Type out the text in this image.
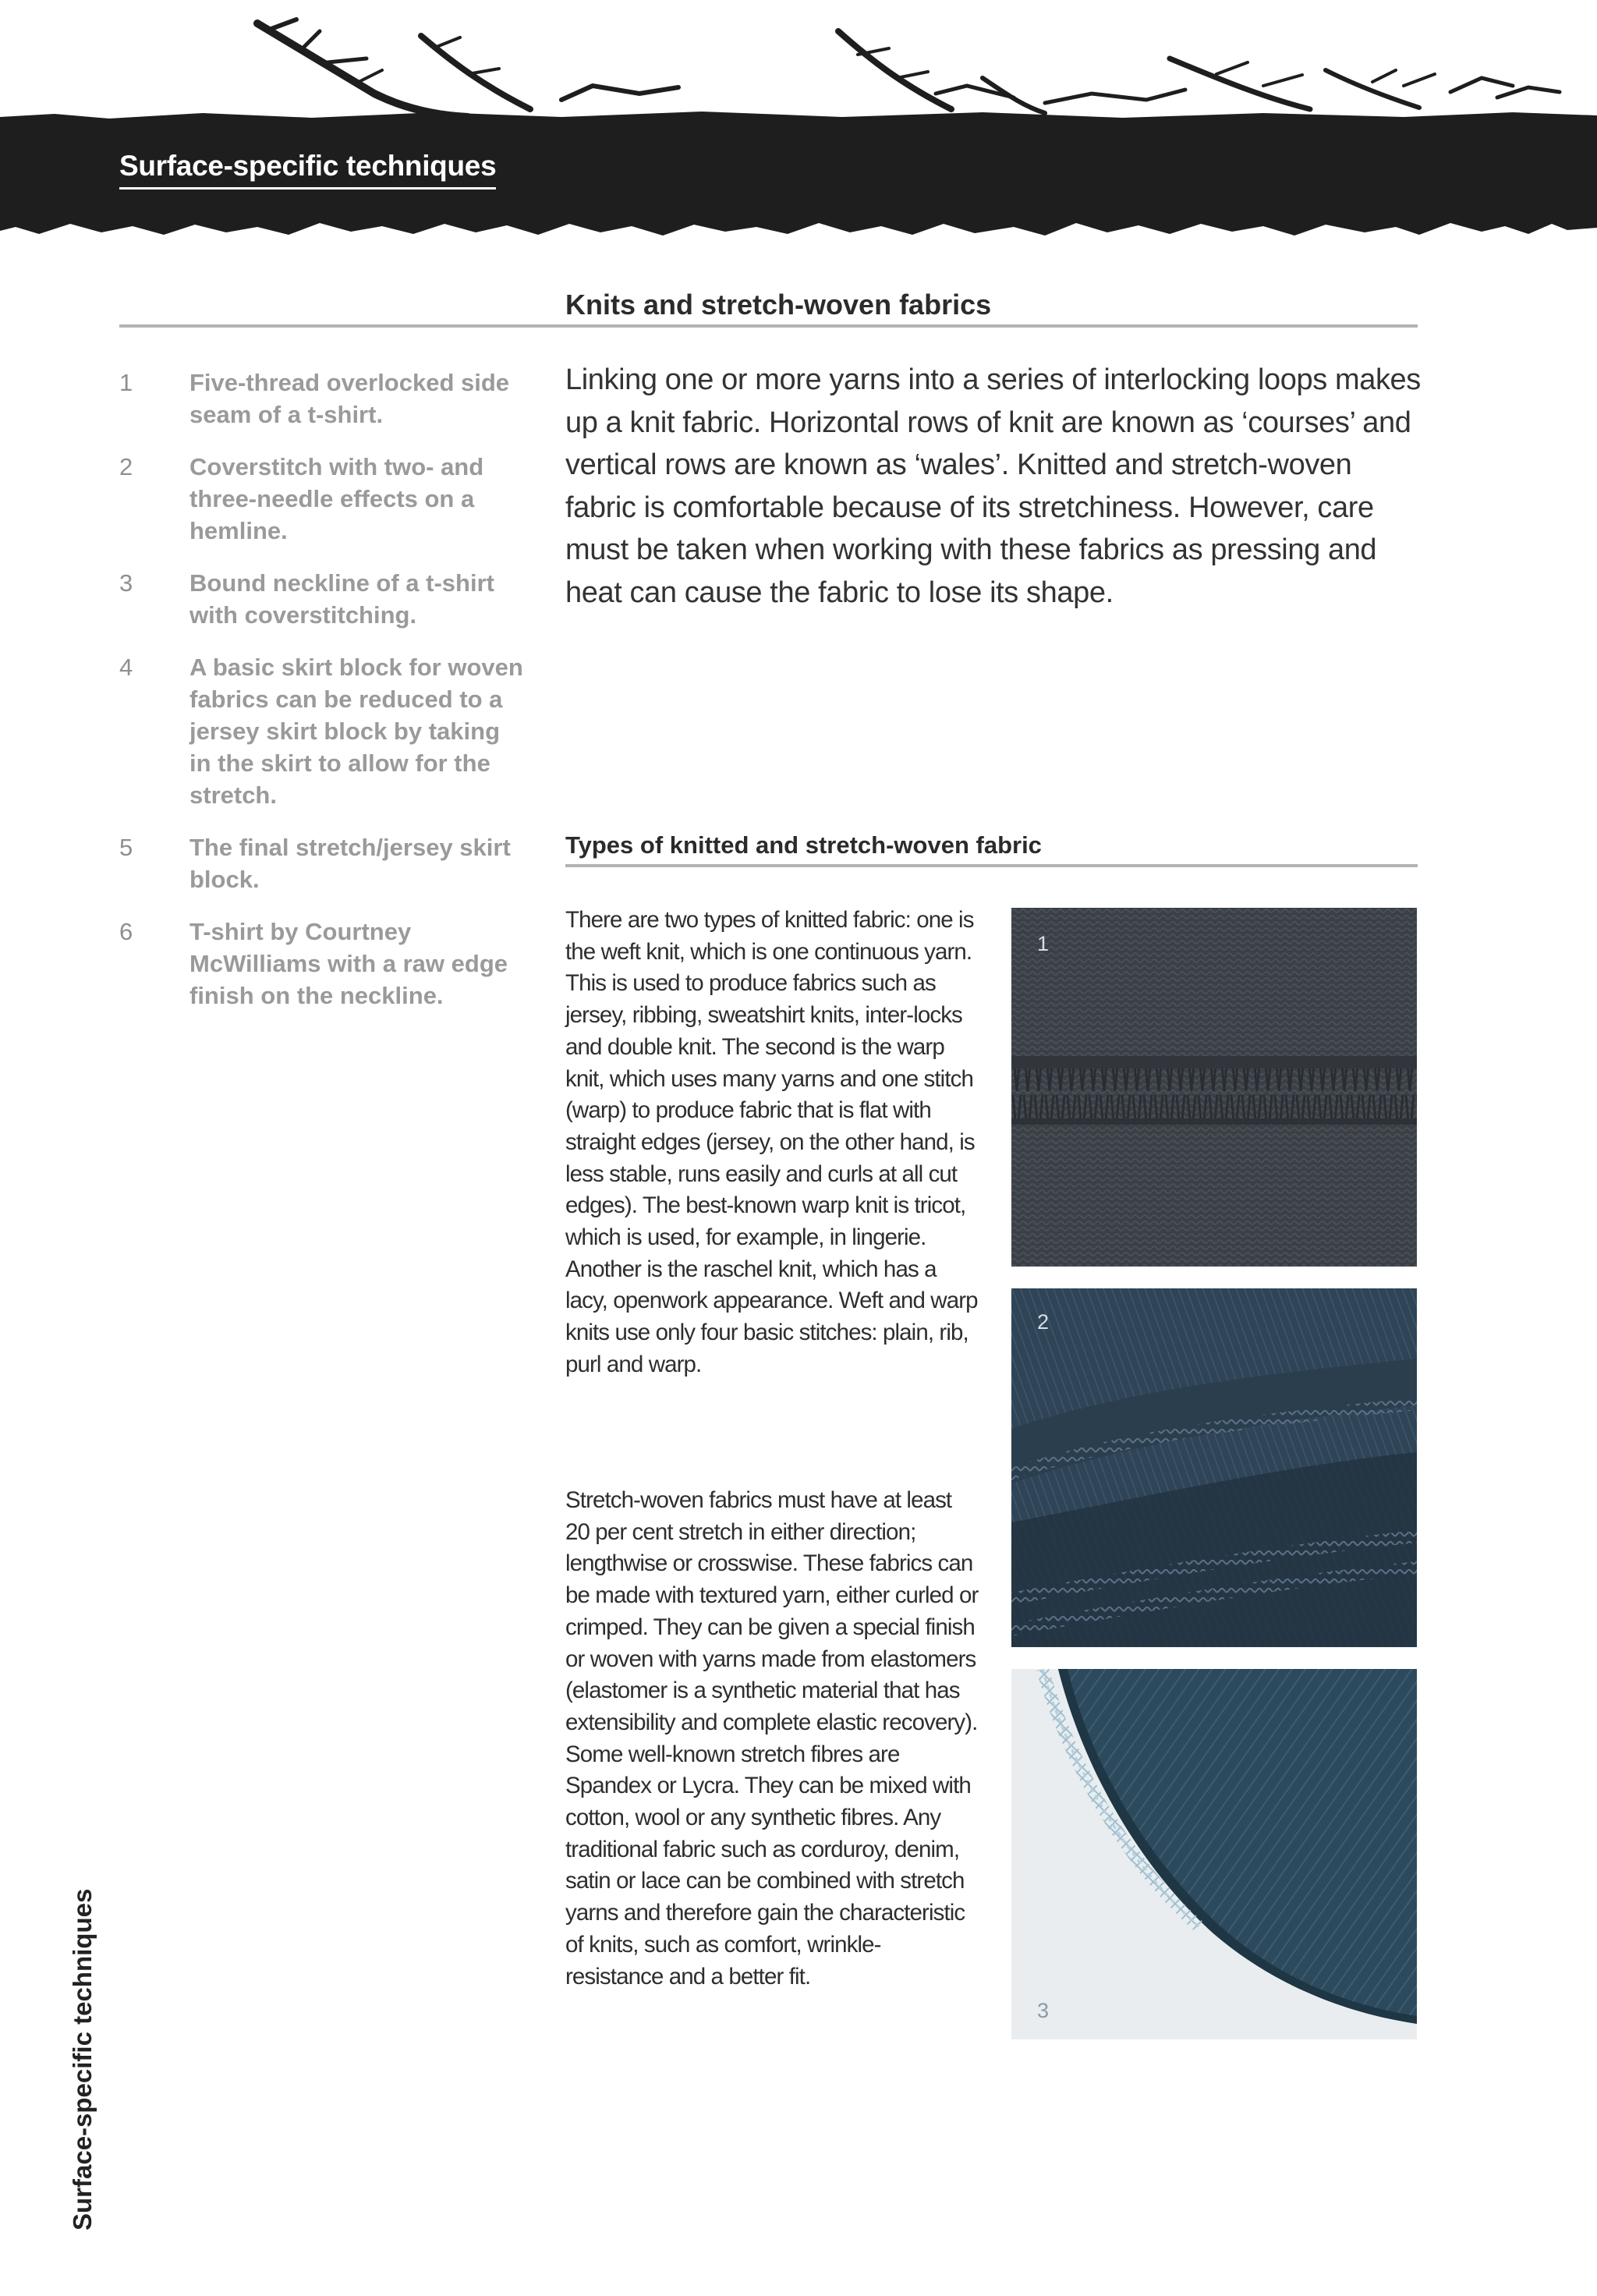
Surface-specific techniques
Knits and stretch-woven fabrics
1	Five-thread overlocked side seam of a t-shirt.
2	Coverstitch with two- and three-needle effects on a hemline.
3	Bound neckline of a t-shirt with coverstitching.
4	A basic skirt block for woven fabrics can be reduced to a jersey skirt block by taking in the skirt to allow for the stretch.
5	The final stretch/jersey skirt block.
6	T-shirt by Courtney McWilliams with a raw edge finish on the neckline.

Linking one or more yarns into a series of interlocking loops makes up a knit fabric. Horizontal rows of knit are known as ‘courses’ and vertical rows are known as ‘wales’. Knitted and stretch-woven fabric is comfortable because of its stretchiness. However, care must be taken when working with these fabrics as pressing and heat can cause the fabric to lose its shape.

Types of knitted and stretch-woven fabric

There are two types of knitted fabric: one is the weft knit, which is one continuous yarn. This is used to produce fabrics such as jersey, ribbing, sweatshirt knits, inter-locks and double knit. The second is the warp knit, which uses many yarns and one stitch (warp) to produce fabric that is flat with straight edges (jersey, on the other hand, is less stable, runs easily and curls at all cut edges). The best-known warp knit is tricot, which is used, for example, in lingerie. Another is the raschel knit, which has a lacy, openwork appearance. Weft and warp knits use only four basic stitches: plain, rib, purl and warp.

Stretch-woven fabrics must have at least 20 per cent stretch in either direction; lengthwise or crosswise. These fabrics can be made with textured yarn, either curled or crimped. They can be given a special finish or woven with yarns made from elastomers (elastomer is a synthetic material that has extensibility and complete elastic recovery). Some well-known stretch fibres are Spandex or Lycra. They can be mixed with cotton, wool or any synthetic fibres. Any traditional fabric such as corduroy, denim, satin or lace can be combined with stretch yarns and therefore gain the characteristic of knits, such as comfort, wrinkle-resistance and a better fit.

1
2
3
Surface-specific techniques
